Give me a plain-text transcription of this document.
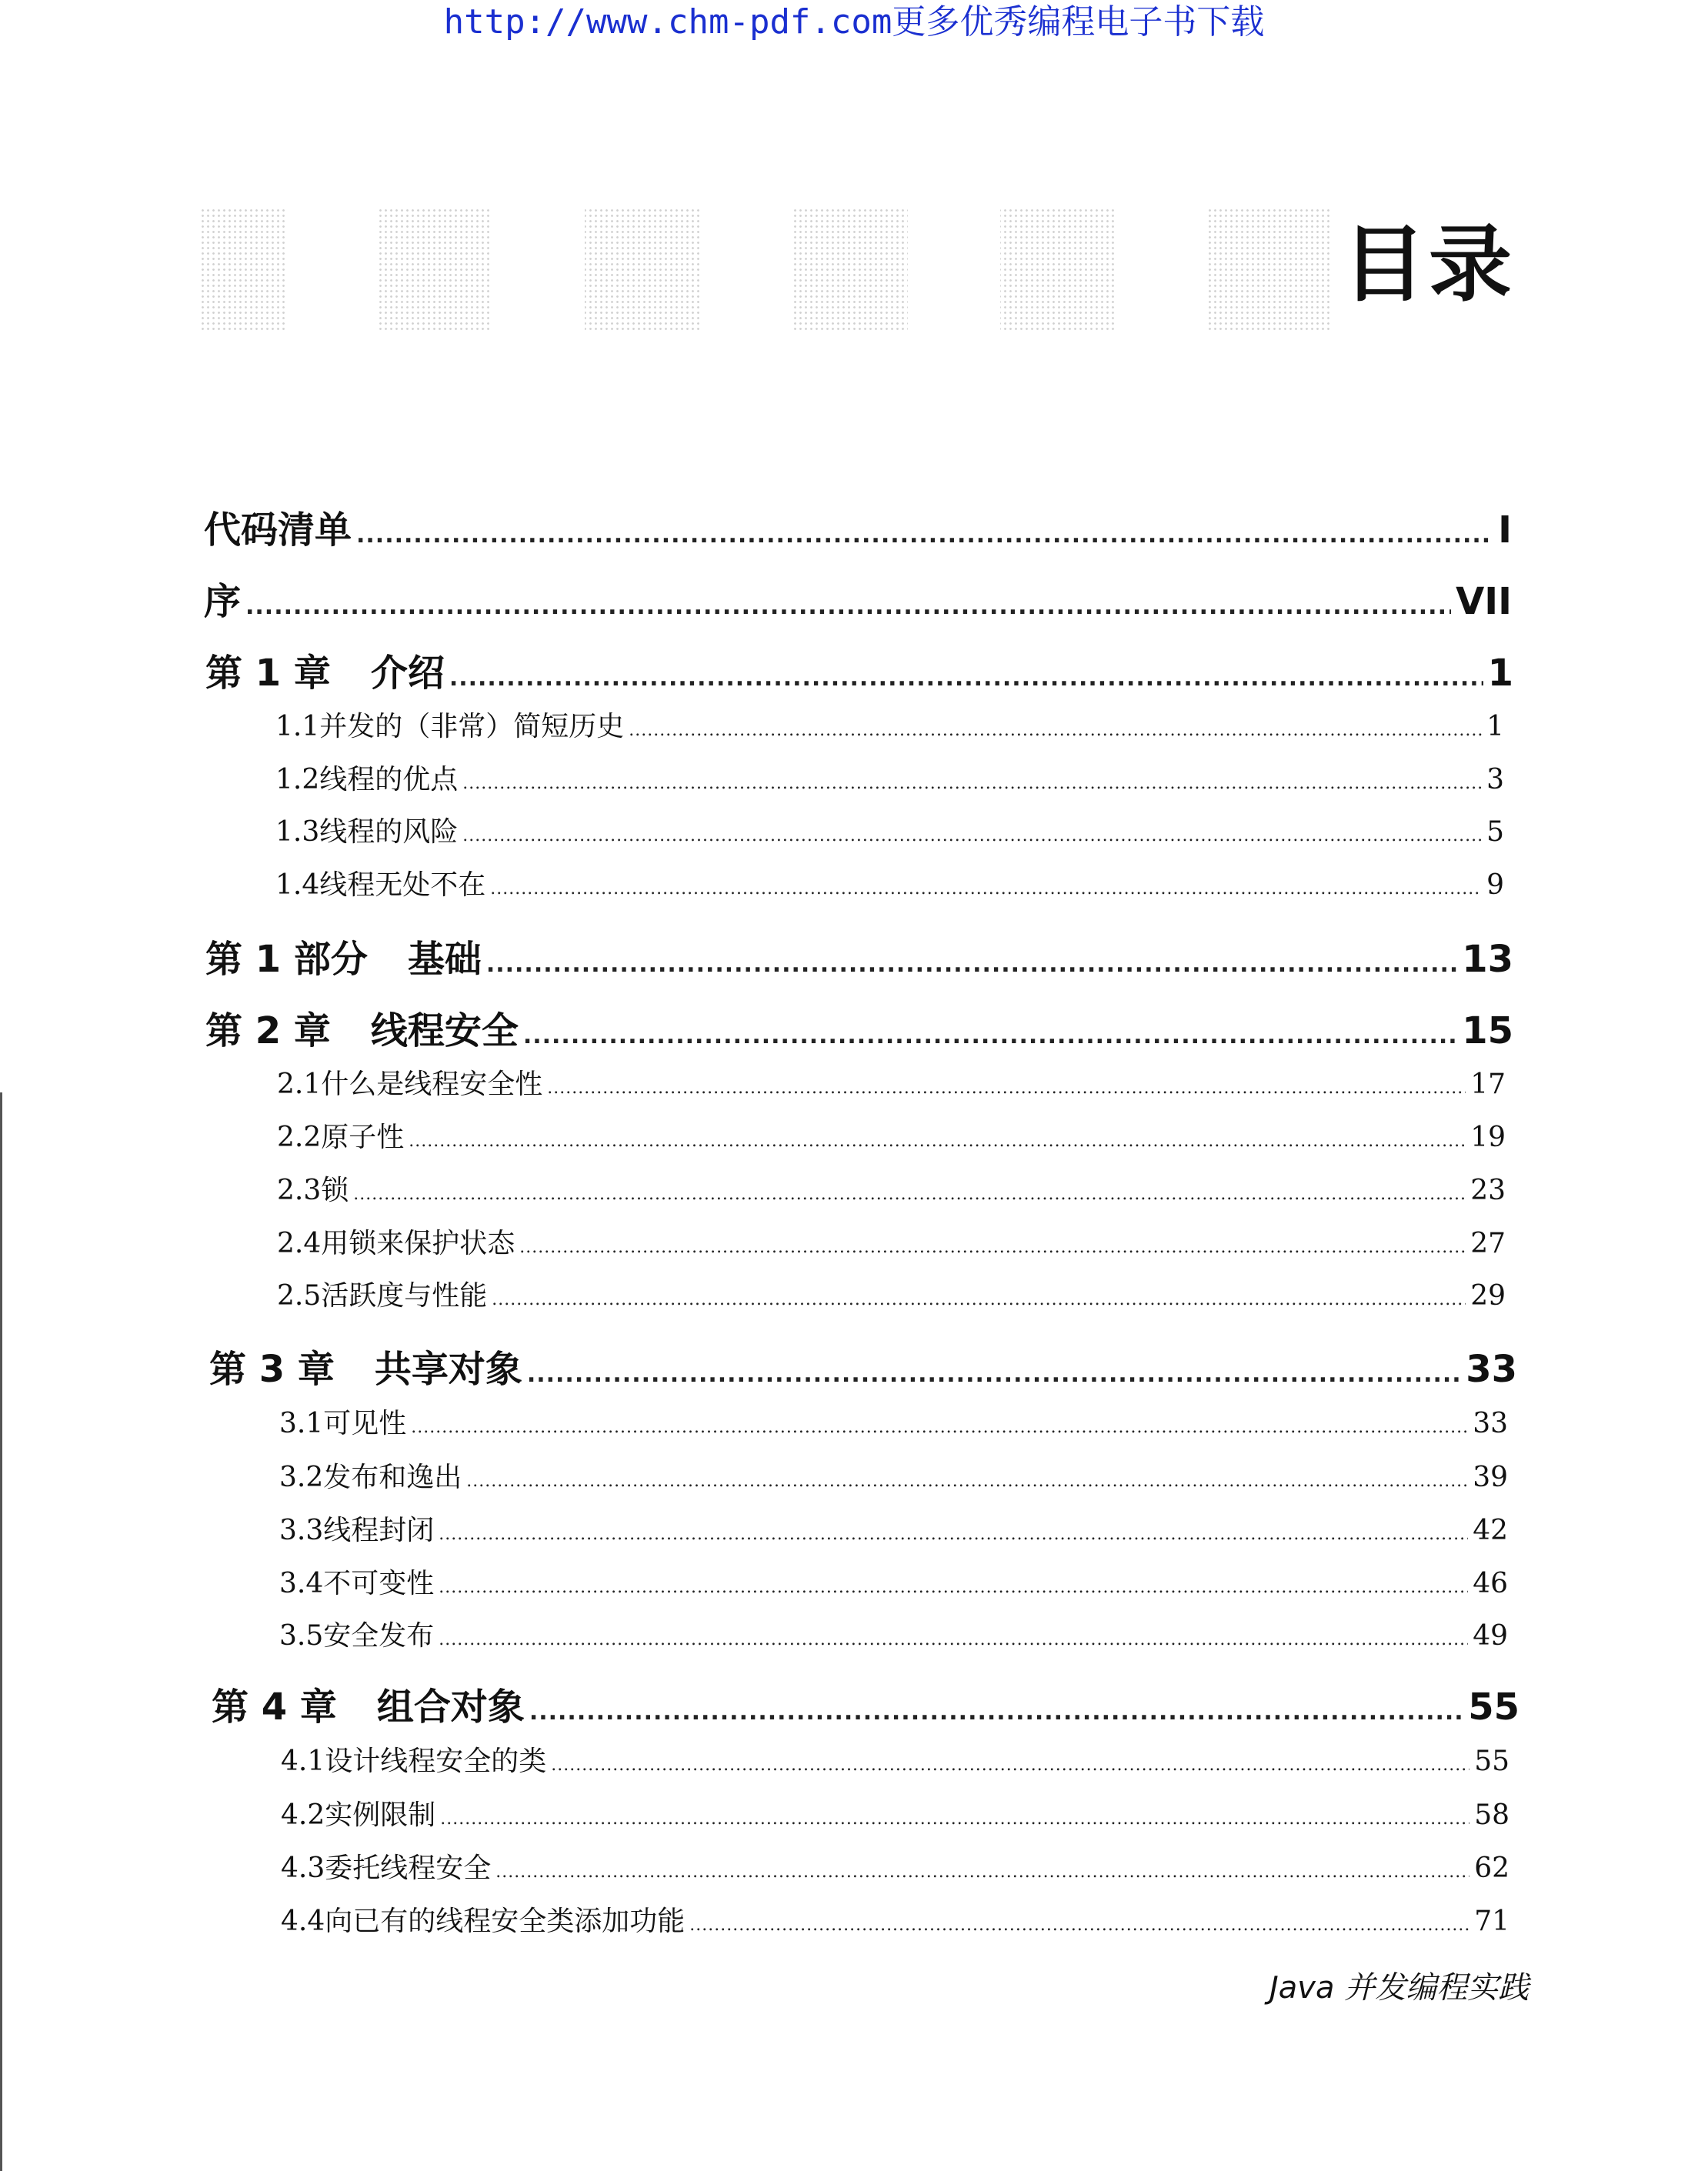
http://www.chm-pdf.com更多优秀编程电子书下载
目录
代码清单 .....	I
序 .....	VII
第 1 章 介绍 .....	1
1.1 并发的（非常）简短历史 .....	1
1.2 线程的优点 .....	3
1.3 线程的风险 .....	5
1.4 线程无处不在 .....	9
第 1 部分 基础 .....	13
第 2 章 线程安全 .....	15
2.1 什么是线程安全性 .....	17
2.2 原子性 .....	19
2.3 锁 .....	23
2.4 用锁来保护状态 .....	27
2.5 活跃度与性能 .....	29
第 3 章 共享对象 .....	33
3.1 可见性 .....	33
3.2 发布和逸出 .....	39
3.3 线程封闭 .....	42
3.4 不可变性 .....	46
3.5 安全发布 .....	49
第 4 章 组合对象 .....	55
4.1 设计线程安全的类 .....	55
4.2 实例限制 .....	58
4.3 委托线程安全 .....	62
4.4 向已有的线程安全类添加功能 .....	71
Java 并发编程实践
